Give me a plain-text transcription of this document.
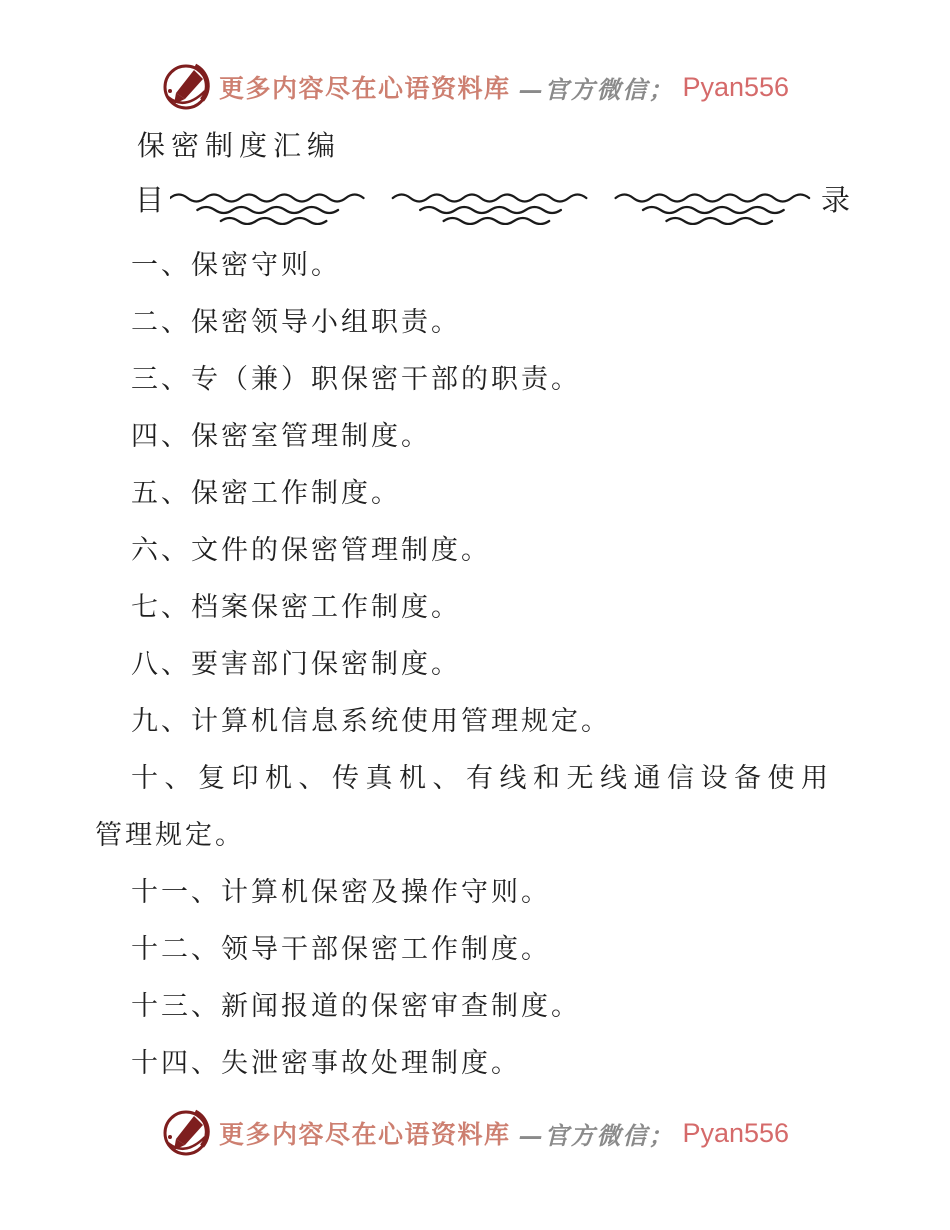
更多内容尽在心语资料库 —官方微信； Pyan556
保密制度汇编
目	录
一、保密守则。
二、保密领导小组职责。
三、专（兼）职保密干部的职责。
四、保密室管理制度。
五、保密工作制度。
六、文件的保密管理制度。
七、档案保密工作制度。
八、要害部门保密制度。
九、计算机信息系统使用管理规定。
十、复印机、传真机、有线和无线通信设备使用
管理规定。
十一、计算机保密及操作守则。
十二、领导干部保密工作制度。
十三、新闻报道的保密审查制度。
十四、失泄密事故处理制度。
更多内容尽在心语资料库 —官方微信； Pyan556
